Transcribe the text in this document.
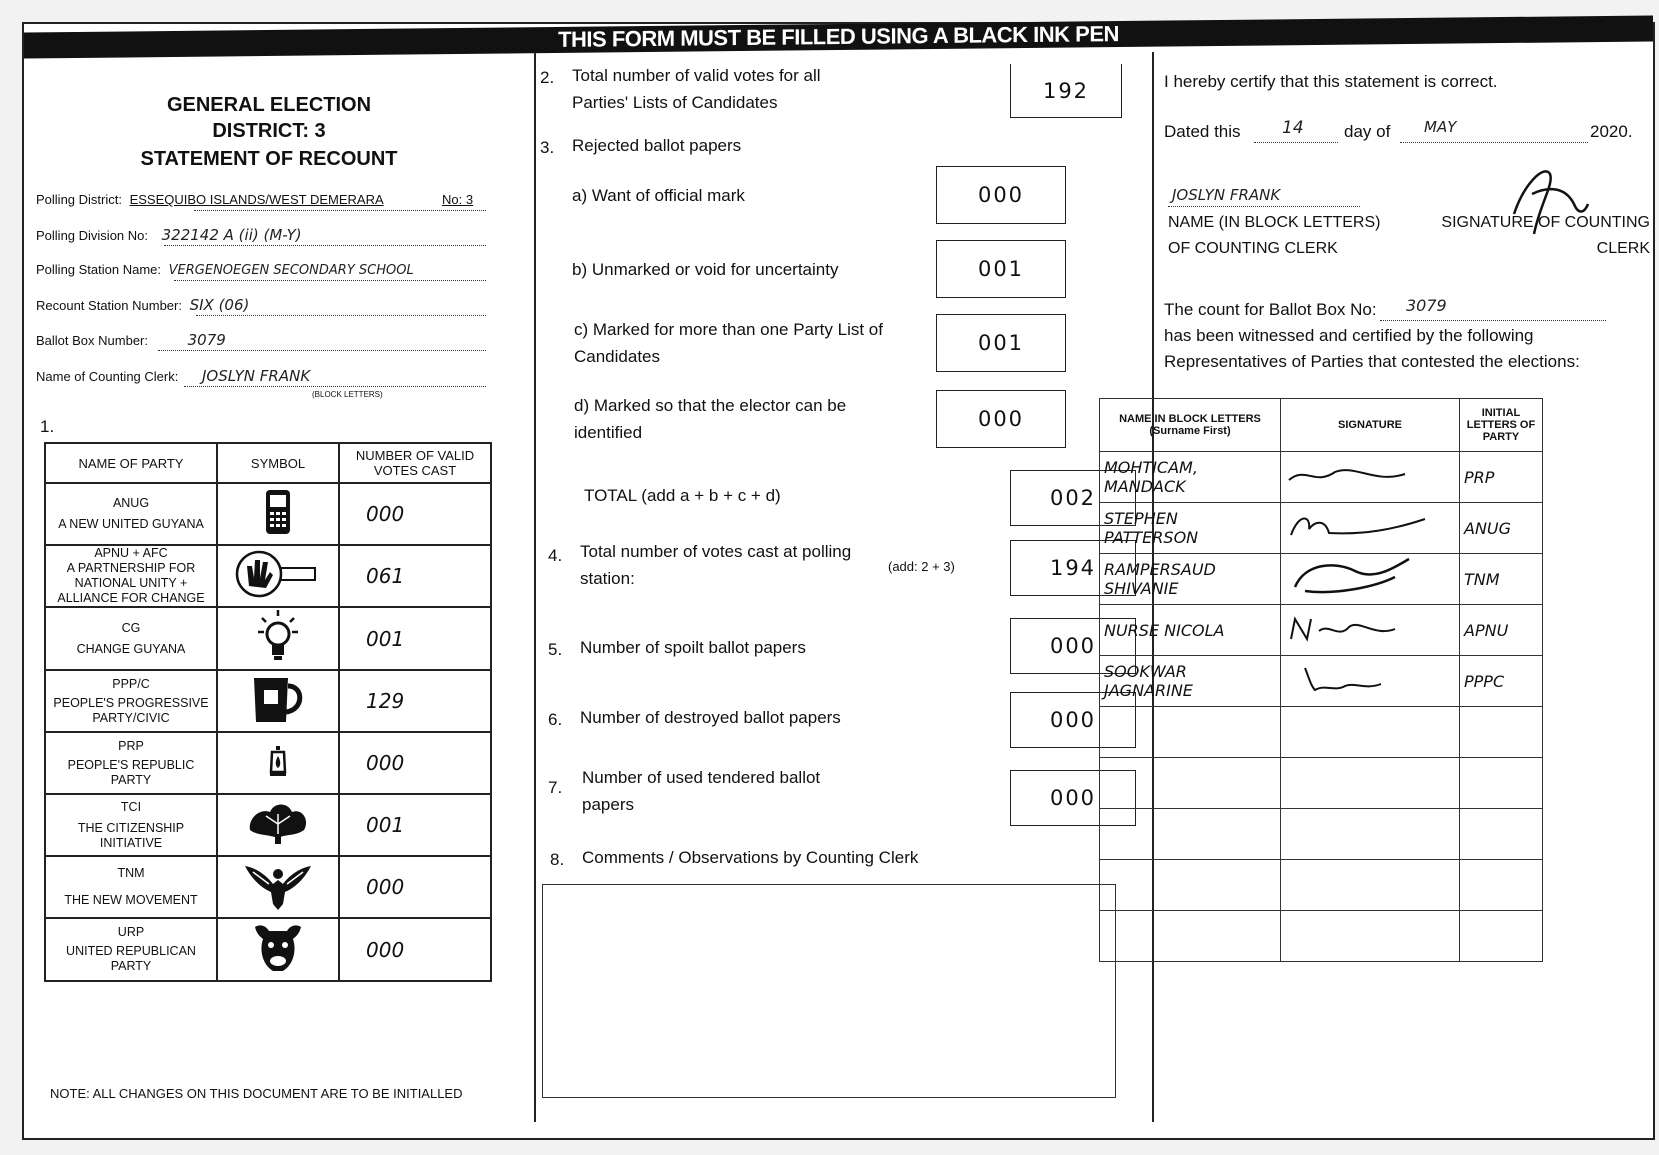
THIS FORM MUST BE FILLED USING A BLACK INK PEN
GENERAL ELECTION
DISTRICT: 3
STATEMENT OF RECOUNT
Polling District: ESSEQUIBO ISLANDS/WEST DEMERARA	No: 3
Polling Division No: 322142 A (ii) (M-Y)
Polling Station Name: VERGENOEGEN SECONDARY SCHOOL
Recount Station Number: SIX (06)
Ballot Box Number:	3079
Name of Counting Clerk: JOSLYN FRANK
(BLOCK LETTERS)
1.
NAME OF PARTY	SYMBOL	NUMBER OF VALID VOTES CAST

ANUG
A NEW UNITED GUYANA		000

APNU + AFC
A PARTNERSHIP FOR NATIONAL UNITY + ALLIANCE FOR CHANGE		061

CG
CHANGE GUYANA		001

PPP/C
PEOPLE'S PROGRESSIVE PARTY/CIVIC		129

PRP
PEOPLE'S REPUBLIC PARTY		000

TCI
THE CITIZENSHIP INITIATIVE		001

TNM
THE NEW MOVEMENT		000

URP
UNITED REPUBLICAN PARTY		000
NOTE: ALL CHANGES ON THIS DOCUMENT ARE TO BE INITIALLED
2. Total number of valid votes for all
Parties' Lists of Candidates	192
3. Rejected ballot papers
a) Want of official mark	000
b) Unmarked or void for uncertainty	001
c) Marked for more than one Party List of
Candidates
001
d) Marked so that the elector can be
identified
000
TOTAL (add a + b + c + d)	002
4. Total number of votes cast at polling
station:
(add: 2 + 3)	194
5. Number of spoilt ballot papers	000
6. Number of destroyed ballot papers	000
7.
Number of used tendered ballot
papers	000
8. Comments / Observations by Counting Clerk
I hereby certify that this statement is correct.
Dated this 14 day of MAY	2020.
JOSLYN FRANK
NAME (IN BLOCK LETTERS)
OF COUNTING CLERK
SIGNATURE OF COUNTING
CLERK
The count for Ballot Box No: 3079
has been witnessed and certified by the following
Representatives of Parties that contested the elections:
NAME IN BLOCK LETTERS (Surname First)	SIGNATURE	INITIAL LETTERS OF PARTY
MOHTICAM, MANDACK		PRP
STEPHEN PATTERSON		ANUG
RAMPERSAUD SHIVANIE		TNM
NURSE NICOLA		APNU
SOOKWAR JAGNARINE		PPPC
